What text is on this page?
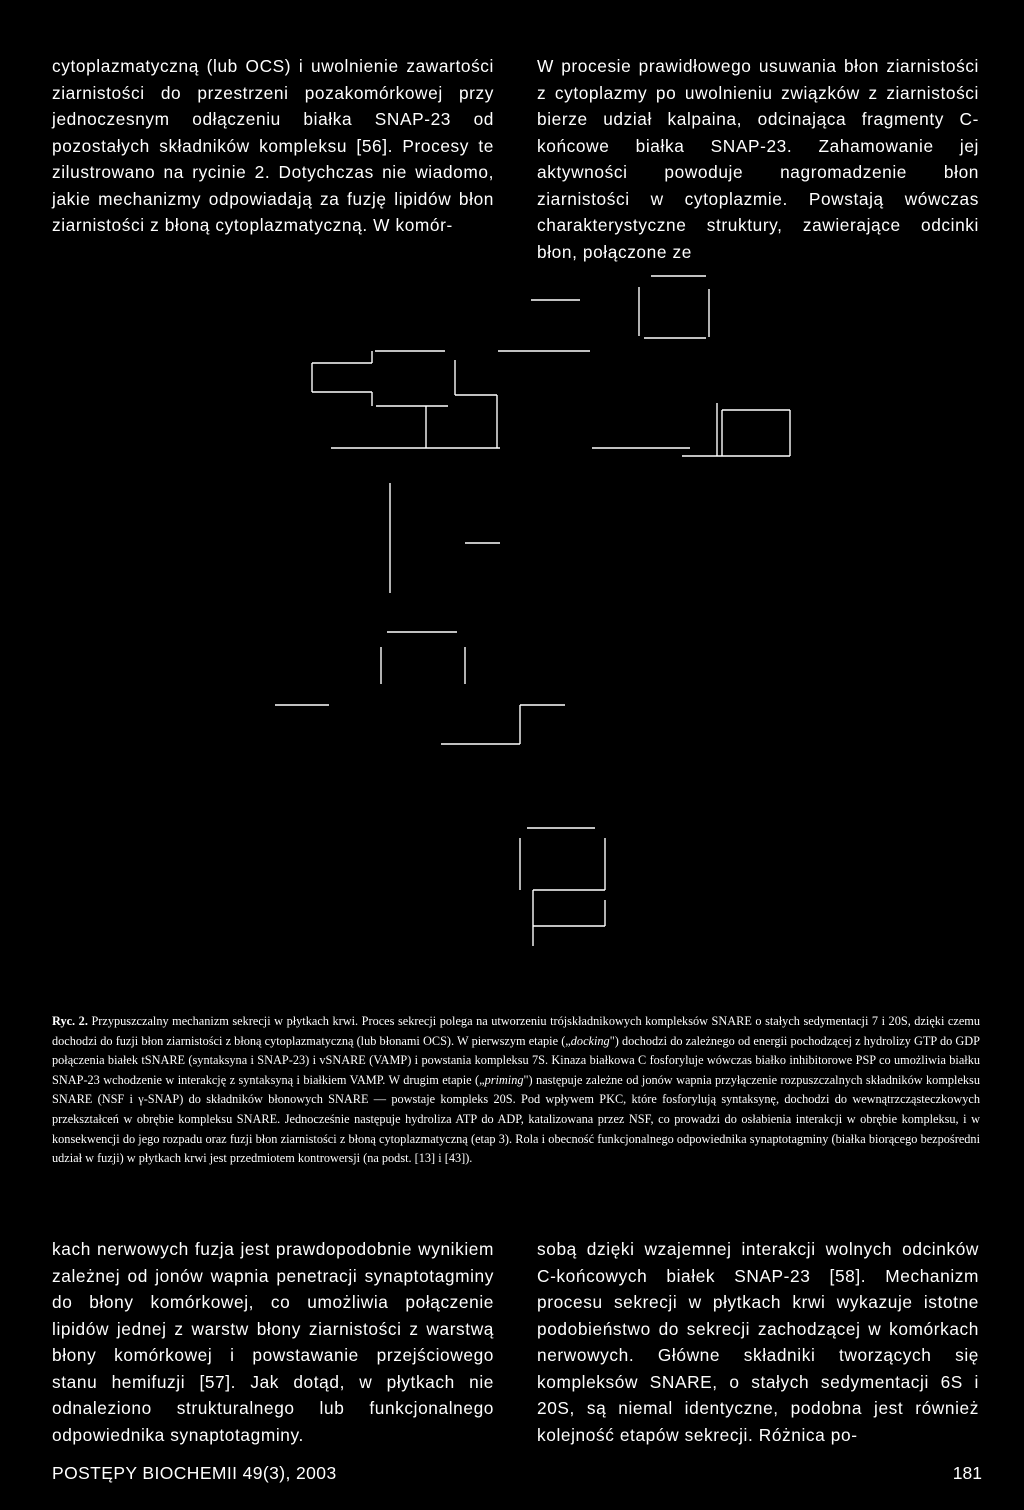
cytoplazmatyczną (lub OCS) i uwolnienie zawartości ziarnistości do przestrzeni pozakomórkowej przy jednoczesnym odłączeniu białka SNAP-23 od pozostałych składników kompleksu [56]. Procesy te zilustrowano na rycinie 2. Dotychczas nie wiadomo, jakie mechanizmy odpowiadają za fuzję lipidów błon ziarnistości z błoną cytoplazmatyczną. W komór-

W procesie prawidłowego usuwania błon ziarnistości z cytoplazmy po uwolnieniu związków z ziarnistości bierze udział kalpaina, odcinająca fragmenty C-końcowe białka SNAP-23. Zahamowanie jej aktywności powoduje nagromadzenie błon ziarnistości w cytoplazmie. Powstają wówczas charakterystyczne struktury, zawierające odcinki błon, połączone ze

Ryc. 2. Przypuszczalny mechanizm sekrecji w płytkach krwi. Proces sekrecji polega na utworzeniu trójskładnikowych kompleksów SNARE o stałych sedymentacji 7 i 20S, dzięki czemu dochodzi do fuzji błon ziarnistości z błoną cytoplazmatyczną (lub błonami OCS). W pierwszym etapie („docking") dochodzi do zależnego od energii pochodzącej z hydrolizy GTP do GDP połączenia białek tSNARE (syntaksyna i SNAP-23) i vSNARE (VAMP) i powstania kompleksu 7S. Kinaza białkowa C fosforyluje wówczas białko inhibitorowe PSP co umożliwia białku SNAP-23 wchodzenie w interakcję z syntaksyną i białkiem VAMP. W drugim etapie („priming") następuje zależne od jonów wapnia przyłączenie rozpuszczalnych składników kompleksu SNARE (NSF i γ-SNAP) do składników błonowych SNARE — powstaje kompleks 20S. Pod wpływem PKC, które fosforylują syntaksynę, dochodzi do wewnątrzcząsteczkowych przekształceń w obrębie kompleksu SNARE. Jednocześnie następuje hydroliza ATP do ADP, katalizowana przez NSF, co prowadzi do osłabienia interakcji w obrębie kompleksu, i w konsekwencji do jego rozpadu oraz fuzji błon ziarnistości z błoną cytoplazmatyczną (etap 3). Rola i obecność funkcjonalnego odpowiednika synaptotagminy (białka biorącego bezpośredni udział w fuzji) w płytkach krwi jest przedmiotem kontrowersji (na podst. [13] i [43]).

kach nerwowych fuzja jest prawdopodobnie wynikiem zależnej od jonów wapnia penetracji synaptotagminy do błony komórkowej, co umożliwia połączenie lipidów jednej z warstw błony ziarnistości z warstwą błony komórkowej i powstawanie przejściowego stanu hemifuzji [57]. Jak dotąd, w płytkach nie odnaleziono strukturalnego lub funkcjonalnego odpowiednika synaptotagminy.

sobą dzięki wzajemnej interakcji wolnych odcinków C-końcowych białek SNAP-23 [58]. Mechanizm procesu sekrecji w płytkach krwi wykazuje istotne podobieństwo do sekrecji zachodzącej w komórkach nerwowych. Główne składniki tworzących się kompleksów SNARE, o stałych sedymentacji 6S i 20S, są niemal identyczne, podobna jest również kolejność etapów sekrecji. Różnica po-

POSTĘPY BIOCHEMII 49(3), 2003	181
